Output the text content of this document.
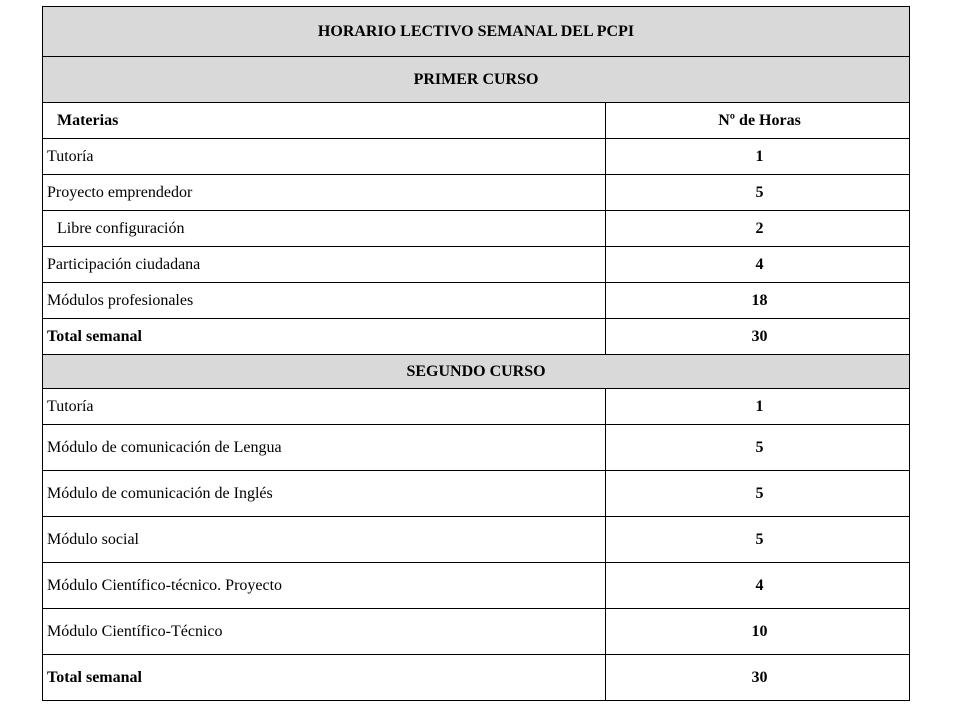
HORARIO LECTIVO SEMANAL DEL PCPI	
PRIMER CURSO	
Materias	Nº de Horas
Tutoría	1
Proyecto emprendedor	5
Libre configuración	2
Participación ciudadana	4
Módulos profesionales	18
Total semanal	30
SEGUNDO CURSO	
Tutoría	1
Módulo de comunicación de Lengua	5
Módulo de comunicación de Inglés	5
Módulo social	5
Módulo Científico-técnico. Proyecto	4
Módulo Científico-Técnico	10
Total semanal	30
